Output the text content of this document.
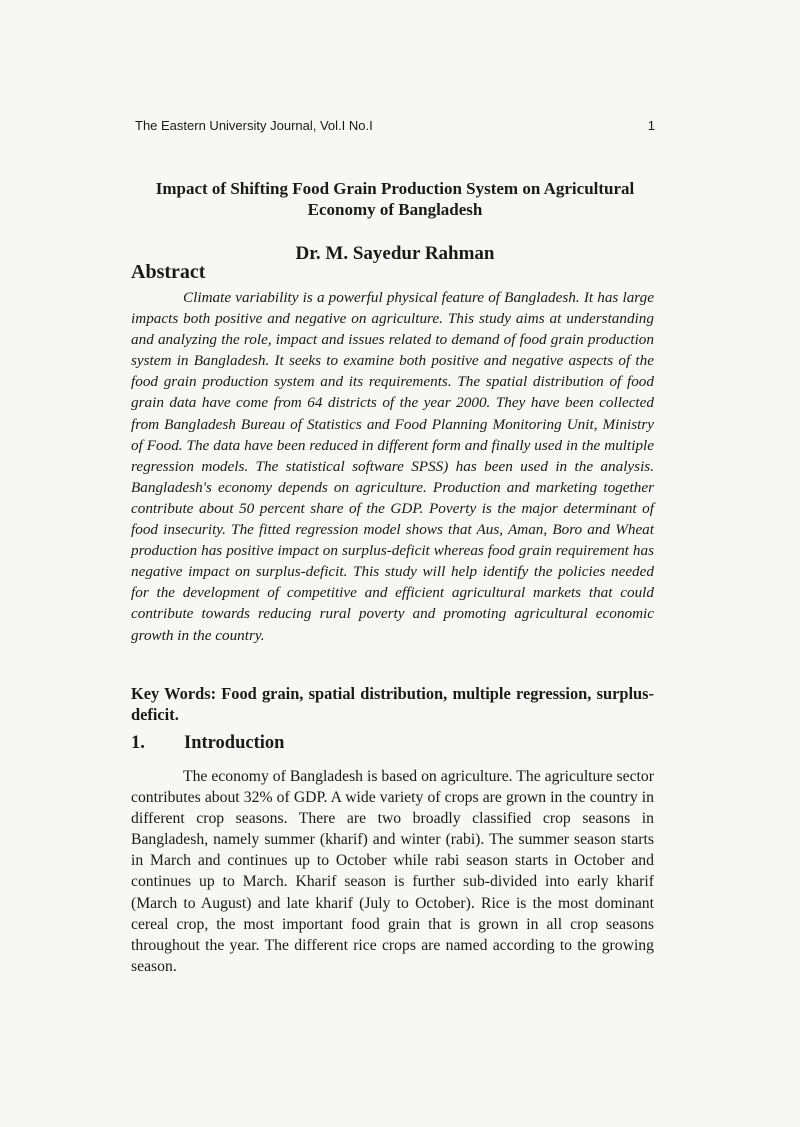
The Eastern University Journal, Vol.I No.I	1
Impact of Shifting Food Grain Production System on Agricultural
Economy of Bangladesh
Dr. M. Sayedur Rahman
Abstract

Climate variability is a powerful physical feature of Bangladesh. It has large impacts both positive and negative on agriculture. This study aims at understanding and analyzing the role, impact and issues related to demand of food grain production system in Bangladesh. It seeks to examine both positive and negative aspects of the food grain production system and its requirements. The spatial distribution of food grain data have come from 64 districts of the year 2000. They have been collected from Bangladesh Bureau of Statistics and Food Planning Monitoring Unit, Ministry of Food. The data have been reduced in different form and finally used in the multiple regression models. The statistical software SPSS) has been used in the analysis. Bangladesh's economy depends on agriculture. Production and marketing together contribute about 50 percent share of the GDP. Poverty is the major determinant of food insecurity. The fitted regression model shows that Aus, Aman, Boro and Wheat production has positive impact on surplus-deficit whereas food grain requirement has negative impact on surplus-deficit. This study will help identify the policies needed for the development of competitive and efficient agricultural markets that could contribute towards reducing rural poverty and promoting agricultural economic growth in the country.

Key Words: Food grain, spatial distribution, multiple regression, surplus-deficit.

1. Introduction

The economy of Bangladesh is based on agriculture. The agriculture sector contributes about 32% of GDP. A wide variety of crops are grown in the country in different crop seasons. There are two broadly classified crop seasons in Bangladesh, namely summer (kharif) and winter (rabi). The summer season starts in March and continues up to October while rabi season starts in October and continues up to March. Kharif season is further sub-divided into early kharif (March to August) and late kharif (July to October). Rice is the most dominant cereal crop, the most important food grain that is grown in all crop seasons throughout the year. The different rice crops are named according to the growing season.
